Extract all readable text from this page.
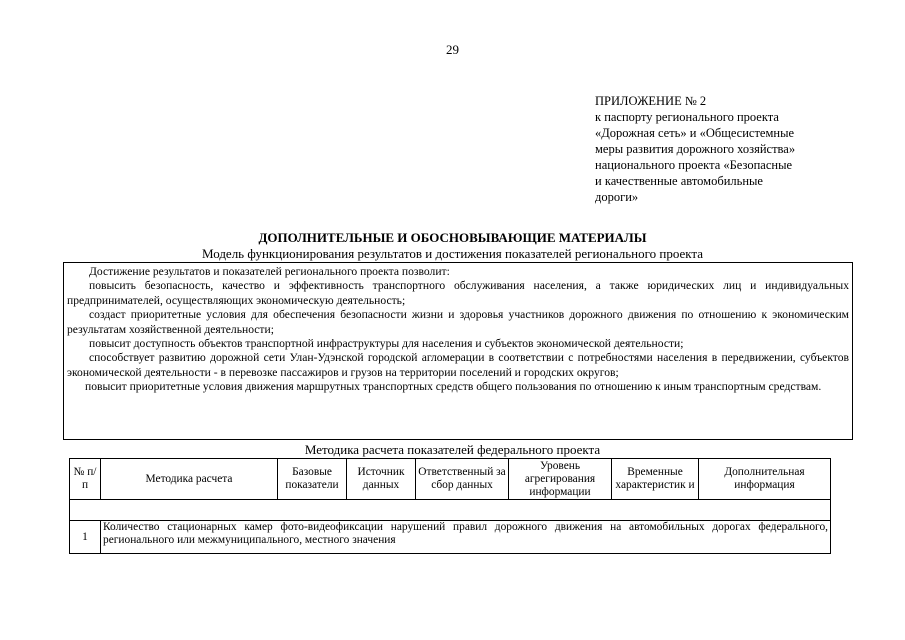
29
ПРИЛОЖЕНИЕ № 2
к паспорту регионального проекта
«Дорожная сеть» и «Общесистемные
меры развития дорожного хозяйства»
национального проекта «Безопасные
и качественные автомобильные
дороги»
ДОПОЛНИТЕЛЬНЫЕ И ОБОСНОВЫВАЮЩИЕ МАТЕРИАЛЫ
Модель функционирования результатов и достижения показателей регионального проекта

Достижение результатов и показателей регионального проекта позволит:

повысить безопасность, качество и эффективность транспортного обслуживания населения, а также юридических лиц и индивидуальных предпринимателей, осуществляющих экономическую деятельность;

создаст приоритетные условия для обеспечения безопасности жизни и здоровья участников дорожного движения по отношению к экономическим результатам хозяйственной деятельности;

повысит доступность объектов транспортной инфраструктуры для населения и субъектов экономической деятельности;

способствует развитию дорожной сети Улан-Удэнской городской агломерации в соответствии с потребностями населения в передвижении, субъектов экономической деятельности - в перевозке пассажиров и грузов на территории поселений и городских округов;

повысит приоритетные условия движения маршрутных транспортных средств общего пользования по отношению к иным транспортным средствам.

Методика расчета показателей федерального проекта
№ п/п	Методика расчета	Базовые показатели	Источник данных	Ответственный за сбор данных	Уровень агрегирования информации	Временные характеристик и	Дополнительная информация

1	Количество стационарных камер фото-видеофиксации нарушений правил дорожного движения на автомобильных дорогах федерального, регионального или межмуниципального, местного значения						
